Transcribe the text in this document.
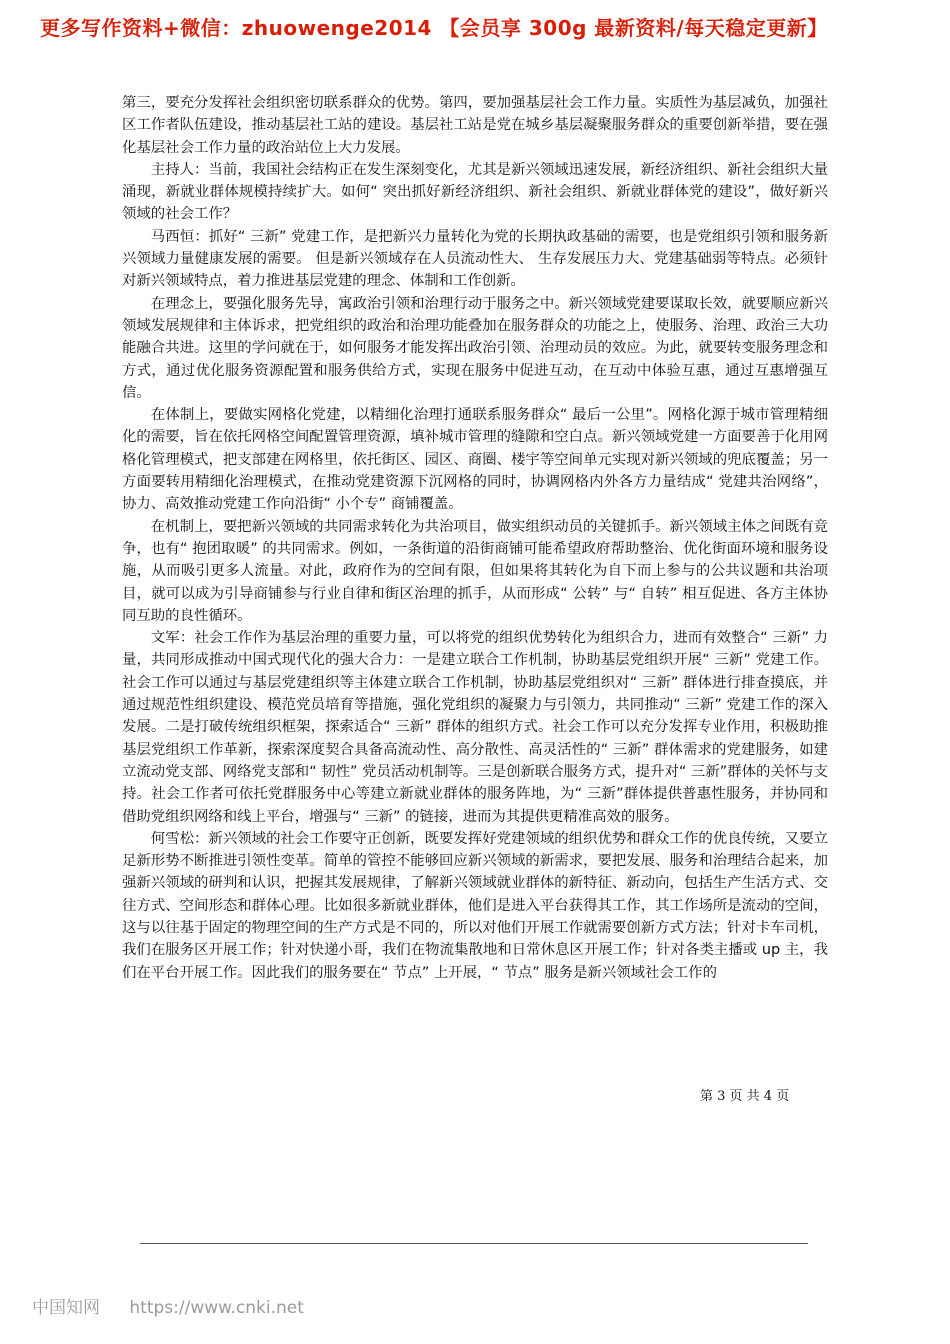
更多写作资料+微信：zhuowenge2014 【会员享 300g 最新资料/每天稳定更新】

第三，要充分发挥社会组织密切联系群众的优势。第四，要加强基层社会工作力量。实质性为基层减负，加强社区工作者队伍建设，推动基层社工站的建设。基层社工站是党在城乡基层凝聚服务群众的重要创新举措，要在强化基层社会工作力量的政治站位上大力发展。

主持人：当前，我国社会结构正在发生深刻变化，尤其是新兴领域迅速发展，新经济组织、新社会组织大量涌现，新就业群体规模持续扩大。如何“ 突出抓好新经济组织、新社会组织、新就业群体党的建设”，做好新兴领域的社会工作？

马西恒：抓好“ 三新” 党建工作，是把新兴力量转化为党的长期执政基础的需要，也是党组织引领和服务新兴领域力量健康发展的需要。 但是新兴领域存在人员流动性大、 生存发展压力大、党建基础弱等特点。必须针对新兴领域特点，着力推进基层党建的理念、体制和工作创新。

在理念上，要强化服务先导，寓政治引领和治理行动于服务之中。新兴领域党建要谋取长效，就要顺应新兴领域发展规律和主体诉求，把党组织的政治和治理功能叠加在服务群众的功能之上，使服务、治理、政治三大功能融合共进。这里的学问就在于，如何服务才能发挥出政治引领、治理动员的效应。为此，就要转变服务理念和方式，通过优化服务资源配置和服务供给方式，实现在服务中促进互动，在互动中体验互惠，通过互惠增强互信。

在体制上，要做实网格化党建，以精细化治理打通联系服务群众“ 最后一公里”。网格化源于城市管理精细化的需要，旨在依托网格空间配置管理资源，填补城市管理的缝隙和空白点。新兴领域党建一方面要善于化用网格化管理模式，把支部建在网格里，依托街区、园区、商圈、楼宇等空间单元实现对新兴领域的兜底覆盖；另一方面要转用精细化治理模式，在推动党建资源下沉网格的同时，协调网格内外各方力量结成“ 党建共治网络”，协力、高效推动党建工作向沿街“ 小个专” 商铺覆盖。

在机制上，要把新兴领域的共同需求转化为共治项目，做实组织动员的关键抓手。新兴领域主体之间既有竞争，也有“ 抱团取暖” 的共同需求。例如，一条街道的沿街商铺可能希望政府帮助整治、优化街面环境和服务设施，从而吸引更多人流量。对此，政府作为的空间有限，但如果将其转化为自下而上参与的公共议题和共治项目，就可以成为引导商铺参与行业自律和街区治理的抓手，从而形成“ 公转” 与“ 自转” 相互促进、各方主体协同互助的良性循环。

文军：社会工作作为基层治理的重要力量，可以将党的组织优势转化为组织合力，进而有效整合“ 三新” 力量，共同形成推动中国式现代化的强大合力：一是建立联合工作机制，协助基层党组织开展“ 三新” 党建工作。社会工作可以通过与基层党建组织等主体建立联合工作机制，协助基层党组织对“ 三新” 群体进行排查摸底，并通过规范性组织建设、模范党员培育等措施，强化党组织的凝聚力与引领力，共同推动“ 三新” 党建工作的深入发展。二是打破传统组织框架，探索适合“ 三新” 群体的组织方式。社会工作可以充分发挥专业作用，积极助推基层党组织工作革新，探索深度契合具备高流动性、高分散性、高灵活性的“ 三新” 群体需求的党建服务，如建立流动党支部、网络党支部和“ 韧性” 党员活动机制等。三是创新联合服务方式，提升对“ 三新”群体的关怀与支持。社会工作者可依托党群服务中心等建立新就业群体的服务阵地，为“ 三新”群体提供普惠性服务，并协同和借助党组织网络和线上平台，增强与“ 三新” 的链接，进而为其提供更精准高效的服务。

何雪松：新兴领域的社会工作要守正创新，既要发挥好党建领域的组织优势和群众工作的优良传统，又要立足新形势不断推进引领性变革。简单的管控不能够回应新兴领域的新需求，要把发展、服务和治理结合起来，加强新兴领域的研判和认识，把握其发展规律，了解新兴领域就业群体的新特征、新动向，包括生产生活方式、交往方式、空间形态和群体心理。比如很多新就业群体，他们是进入平台获得其工作，其工作场所是流动的空间，这与以往基于固定的物理空间的生产方式是不同的，所以对他们开展工作就需要创新方式方法；针对卡车司机，我们在服务区开展工作；针对快递小哥，我们在物流集散地和日常休息区开展工作；针对各类主播或 up 主，我们在平台开展工作。因此我们的服务要在“ 节点” 上开展，“ 节点” 服务是新兴领域社会工作的

第 3 页 共 4 页
中国知网 https://www.cnki.net
